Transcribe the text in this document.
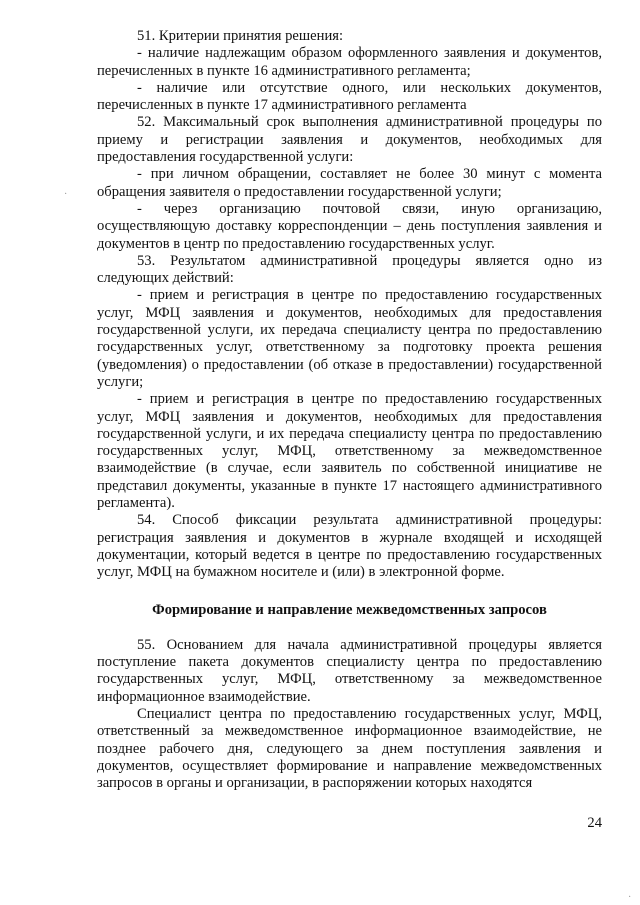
51. Критерии принятия решения:

- наличие надлежащим образом оформленного заявления и документов, перечисленных в пункте 16 административного регламента;

- наличие или отсутствие одного, или нескольких документов, перечисленных в пункте 17 административного регламента

52. Максимальный срок выполнения административной процедуры по приему и регистрации заявления и документов, необходимых для предоставления государственной услуги:

- при личном обращении, составляет не более 30 минут с момента обращения заявителя о предоставлении государственной услуги;

- через организацию почтовой связи, иную организацию, осуществляющую доставку корреспонденции – день поступления заявления и документов в центр по предоставлению государственных услуг.

53. Результатом административной процедуры является одно из следующих действий:

- прием и регистрация в центре по предоставлению государственных услуг, МФЦ заявления и документов, необходимых для предоставления государственной услуги, их передача специалисту центра по предоставлению государственных услуг, ответственному за подготовку проекта решения (уведомления) о предоставлении (об отказе в предоставлении) государственной услуги;

- прием и регистрация в центре по предоставлению государственных услуг, МФЦ заявления и документов, необходимых для предоставления государственной услуги, и их передача специалисту центра по предоставлению государственных услуг, МФЦ, ответственному за межведомственное взаимодействие (в случае, если заявитель по собственной инициативе не представил документы, указанные в пункте 17 настоящего административного регламента).

54. Способ фиксации результата административной процедуры: регистрация заявления и документов в журнале входящей и исходящей документации, который ведется в центре по предоставлению государственных услуг, МФЦ на бумажном носителе и (или) в электронной форме.

Формирование и направление межведомственных запросов

55. Основанием для начала административной процедуры является поступление пакета документов специалисту центра по предоставлению государственных услуг, МФЦ, ответственному за межведомственное информационное взаимодействие.

Специалист центра по предоставлению государственных услуг, МФЦ, ответственный за межведомственное информационное взаимодействие, не позднее рабочего дня, следующего за днем поступления заявления и документов, осуществляет формирование и направление межведомственных запросов в органы и организации, в распоряжении которых находятся

24
·
·
